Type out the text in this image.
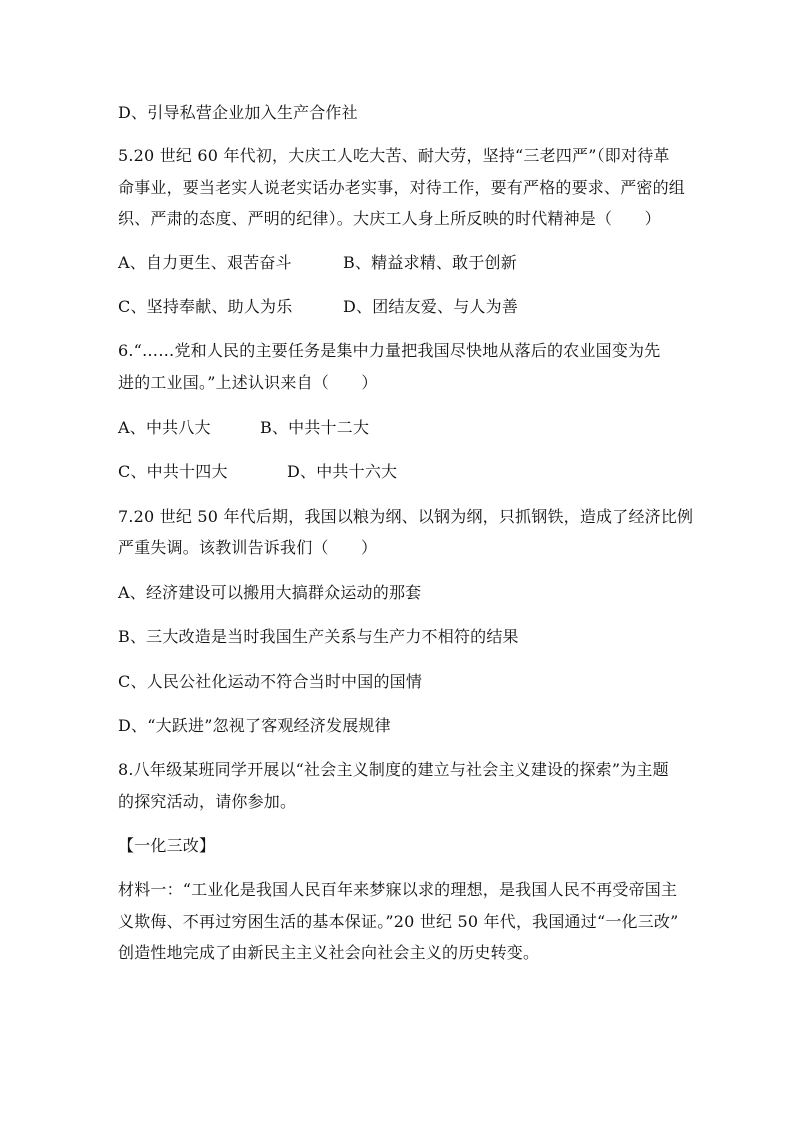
D、引导私营企业加入生产合作社
5.20 世纪 60 年代初，大庆工人吃大苦、耐大劳，坚持“三老四严”（即对待革
命事业，要当老实人说老实话办老实事，对待工作，要有严格的要求、严密的组
织、严肃的态度、严明的纪律）。大庆工人身上所反映的时代精神是（　　）
A、自力更生、艰苦奋斗	B、精益求精、敢于创新
C、坚持奉献、助人为乐	D、团结友爱、与人为善
6.“……党和人民的主要任务是集中力量把我国尽快地从落后的农业国变为先
进的工业国。”上述认识来自（　　）
A、中共八大	B、中共十二大
C、中共十四大	D、中共十六大
7.20 世纪 50 年代后期，我国以粮为纲、以钢为纲，只抓钢铁，造成了经济比例
严重失调。该教训告诉我们（　　）
A、经济建设可以搬用大搞群众运动的那套
B、三大改造是当时我国生产关系与生产力不相符的结果
C、人民公社化运动不符合当时中国的国情
D、“大跃进”忽视了客观经济发展规律
8.八年级某班同学开展以“社会主义制度的建立与社会主义建设的探索”为主题
的探究活动，请你参加。
【一化三改】
材料一：“工业化是我国人民百年来梦寐以求的理想，是我国人民不再受帝国主
义欺侮、不再过穷困生活的基本保证。”20 世纪 50 年代，我国通过“一化三改”
创造性地完成了由新民主主义社会向社会主义的历史转变。
